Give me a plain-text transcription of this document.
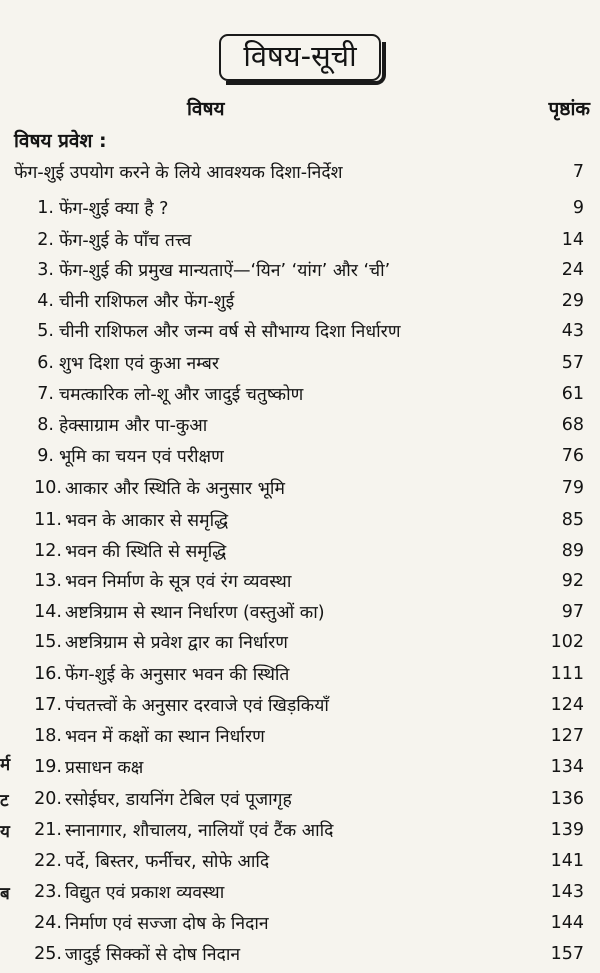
विषय-सूची
विषय	पृष्ठांक
विषय प्रवेश :
फेंग-शुई उपयोग करने के लिये आवश्यक दिशा-निर्देश	7
1. फेंग-शुई क्या है ?	9
2. फेंग-शुई के पाँच तत्त्व	14
3. फेंग-शुई की प्रमुख मान्यताऐं—‘यिन’ ‘यांग’ और ‘ची’	24
4. चीनी राशिफल और फेंग-शुई	29
5. चीनी राशिफल और जन्म वर्ष से सौभाग्य दिशा निर्धारण	43
6. शुभ दिशा एवं कुआ नम्बर	57
7. चमत्कारिक लो-शू और जादुई चतुष्कोण	61
8. हेक्साग्राम और पा-कुआ	68
9. भूमि का चयन एवं परीक्षण	76
10. आकार और स्थिति के अनुसार भूमि	79
11. भवन के आकार से समृद्धि	85
12. भवन की स्थिति से समृद्धि	89
13. भवन निर्माण के सूत्र एवं रंग व्यवस्था	92
14. अष्टत्रिग्राम से स्थान निर्धारण (वस्तुओं का)	97
15. अष्टत्रिग्राम से प्रवेश द्वार का निर्धारण	102
16. फेंग-शुई के अनुसार भवन की स्थिति	111
17. पंचतत्त्वों के अनुसार दरवाजे एवं खिड़कियाँ	124
18. भवन में कक्षों का स्थान निर्धारण	127
19. प्रसाधन कक्ष	134
20. रसोईघर, डायनिंग टेबिल एवं पूजागृह	136
21. स्नानागार, शौचालय, नालियाँ एवं टैंक आदि	139
22. पर्दे, बिस्तर, फर्नीचर, सोफे आदि	141
23. विद्युत एवं प्रकाश व्यवस्था	143
24. निर्माण एवं सज्जा दोष के निदान	144
25. जादुई सिक्कों से दोष निदान	157
र्म
ट
य
ब
